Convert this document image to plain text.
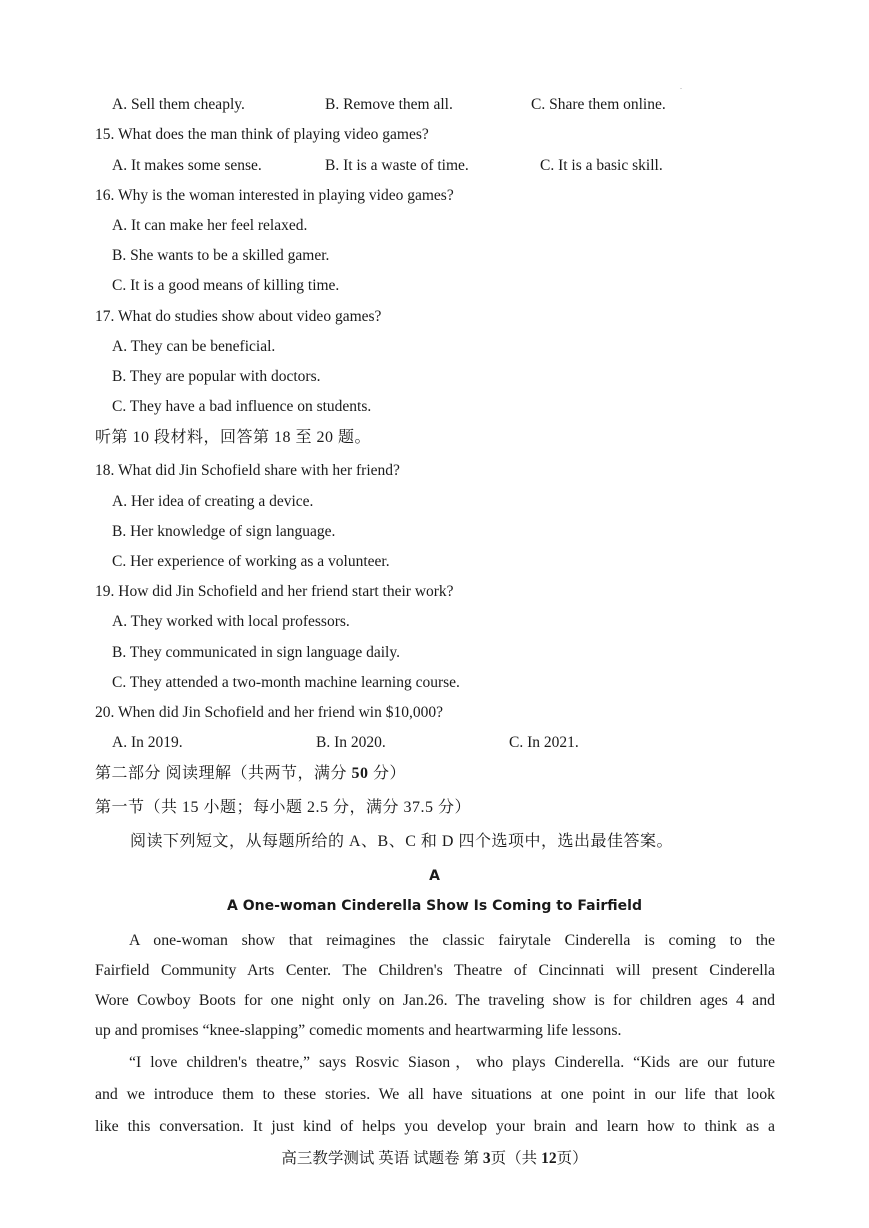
.
A. Sell them cheaply.	B. Remove them all.	C. Share them online.
15. What does the man think of playing video games?
A. It makes some sense.	B. It is a waste of time.	C. It is a basic skill.
16. Why is the woman interested in playing video games?
A. It can make her feel relaxed.
B. She wants to be a skilled gamer.
C. It is a good means of killing time.
17. What do studies show about video games?
A. They can be beneficial.
B. They are popular with doctors.
C. They have a bad influence on students.
听第 10 段材料，回答第 18 至 20 题。
18. What did Jin Schofield share with her friend?
A. Her idea of creating a device.
B. Her knowledge of sign language.
C. Her experience of working as a volunteer.
19. How did Jin Schofield and her friend start their work?
A. They worked with local professors.
B. They communicated in sign language daily.
C. They attended a two-month machine learning course.
20. When did Jin Schofield and her friend win $10,000?
A. In 2019.	B. In 2020.	C. In 2021.
第二部分 阅读理解（共两节，满分 50 分）
第一节（共 15 小题；每小题 2.5 分，满分 37.5 分）
阅读下列短文，从每题所给的 A、B、C 和 D 四个选项中，选出最佳答案。
A
A One-woman Cinderella Show Is Coming to Fairfield

A one-woman show that reimagines the classic fairytale Cinderella is coming to the

Fairfield Community Arts Center. The Children's Theatre of Cincinnati will present Cinderella

Wore Cowboy Boots for one night only on Jan.26. The traveling show is for children ages 4 and

up and promises “knee-slapping” comedic moments and heartwarming life lessons.

“I love children's theatre,” says Rosvic Siason，who plays Cinderella. “Kids are our future

and we introduce them to these stories. We all have situations at one point in our life that look

like this conversation. It just kind of helps you develop your brain and learn how to think as a

高三教学测试 英语 试题卷 第 3页（共 12页）
